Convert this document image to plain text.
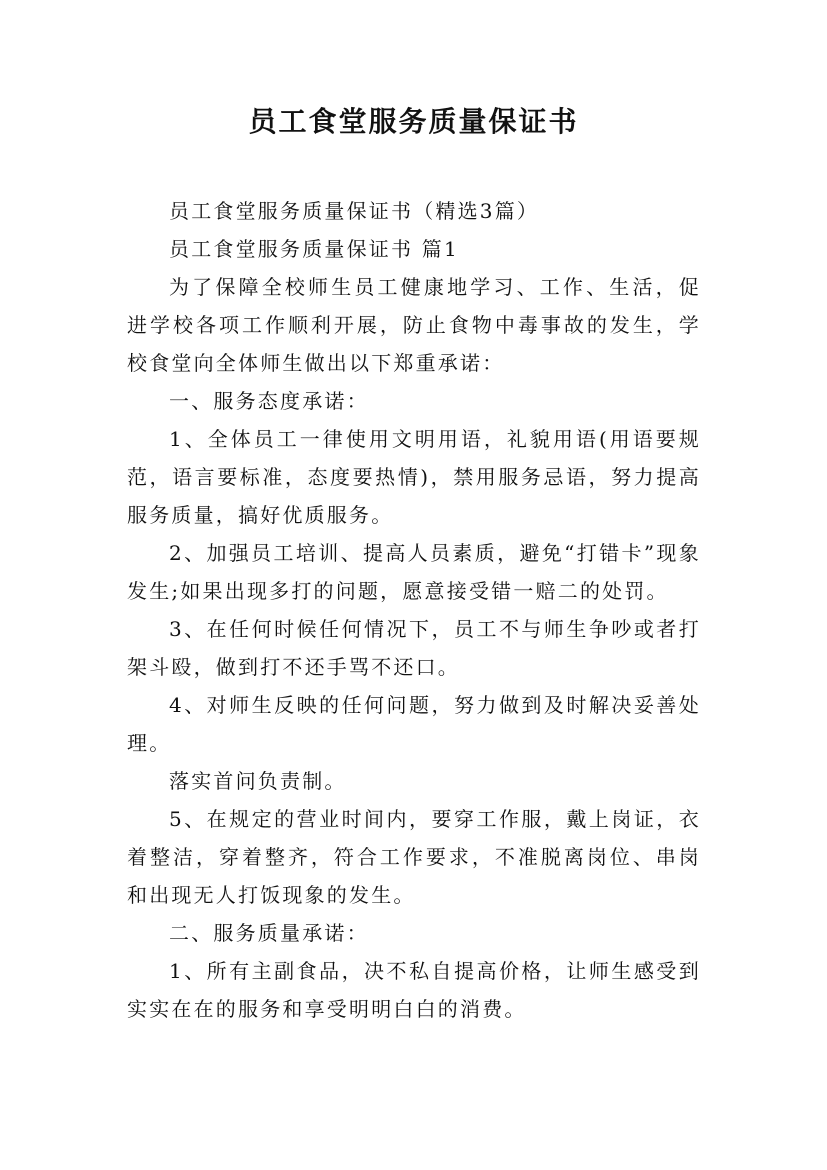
员工食堂服务质量保证书

员工食堂服务质量保证书（精选3篇）

员工食堂服务质量保证书 篇1

为了保障全校师生员工健康地学习、工作、生活，促进学校各项工作顺利开展，防止食物中毒事故的发生，学校食堂向全体师生做出以下郑重承诺：

一、服务态度承诺：

1、全体员工一律使用文明用语，礼貌用语(用语要规范，语言要标准，态度要热情)，禁用服务忌语，努力提高服务质量，搞好优质服务。

2、加强员工培训、提高人员素质，避免“打错卡”现象发生;如果出现多打的问题，愿意接受错一赔二的处罚。

3、在任何时候任何情况下，员工不与师生争吵或者打架斗殴，做到打不还手骂不还口。

4、对师生反映的任何问题，努力做到及时解决妥善处理。

落实首问负责制。

5、在规定的营业时间内，要穿工作服，戴上岗证，衣着整洁，穿着整齐，符合工作要求，不准脱离岗位、串岗和出现无人打饭现象的发生。

二、服务质量承诺：

1、所有主副食品，决不私自提高价格，让师生感受到实实在在的服务和享受明明白白的消费。
